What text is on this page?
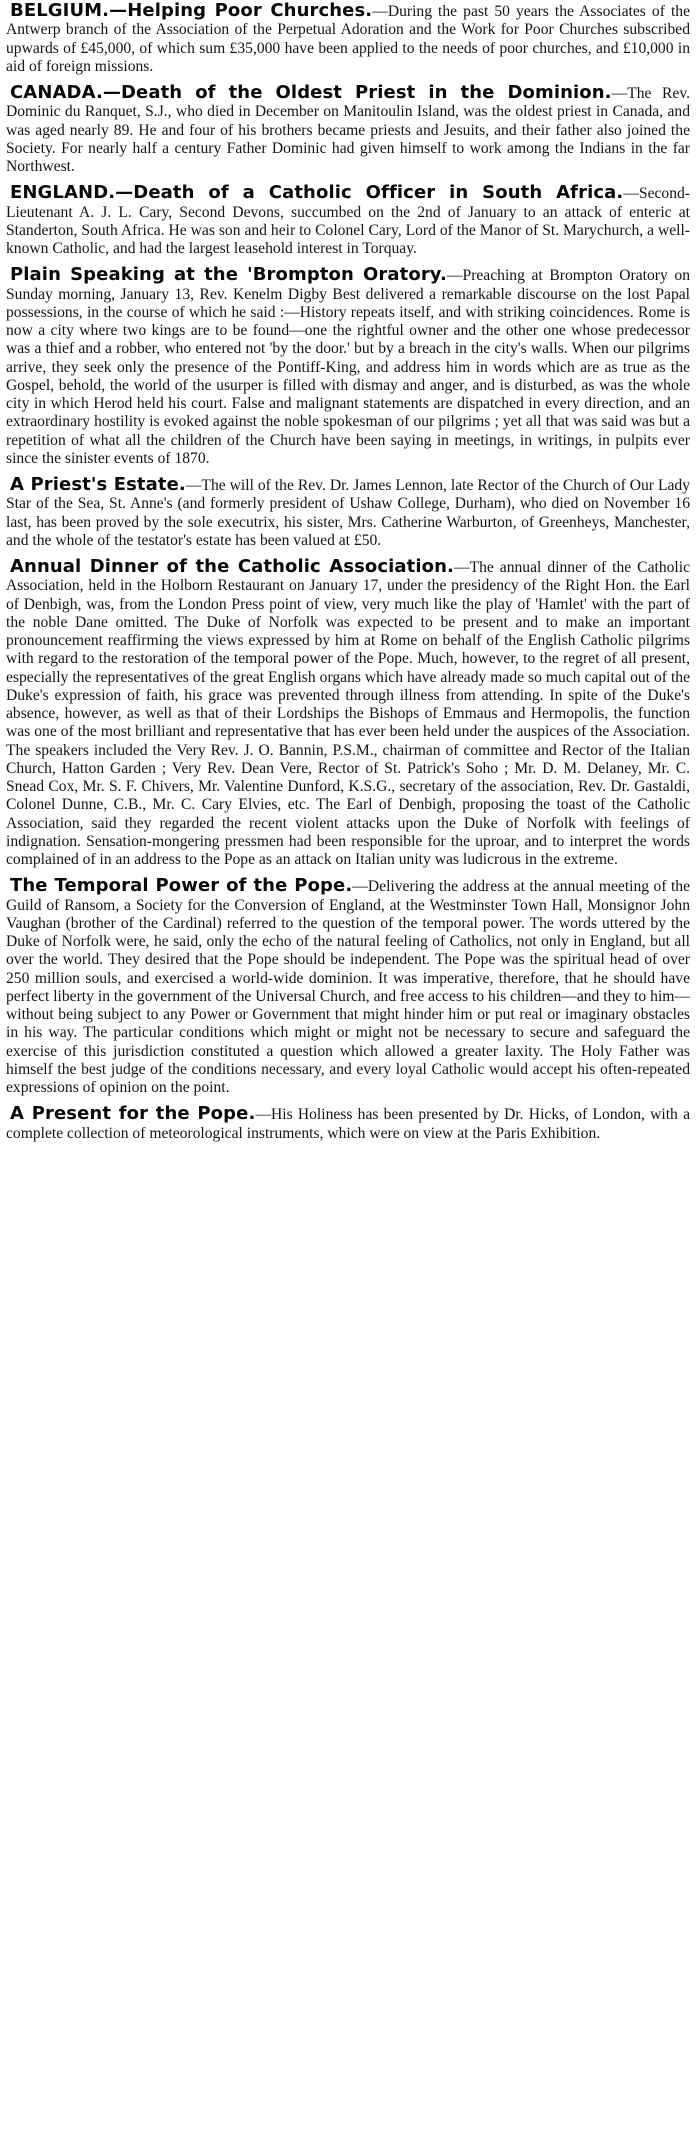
BELGIUM.—Helping Poor Churches.—During the past 50 years the Associates of the Antwerp branch of the Association of the Perpetual Adoration and the Work for Poor Churches subscribed upwards of £45,000, of which sum £35,000 have been applied to the needs of poor churches, and £10,000 in aid of foreign missions.

CANADA.—Death of the Oldest Priest in the Dominion.—The Rev. Dominic du Ranquet, S.J., who died in December on Manitoulin Island, was the oldest priest in Canada, and was aged nearly 89. He and four of his brothers became priests and Jesuits, and their father also joined the Society. For nearly half a century Father Dominic had given himself to work among the Indians in the far Northwest.

ENGLAND.—Death of a Catholic Officer in South Africa.—Second-Lieutenant A. J. L. Cary, Second Devons, succumbed on the 2nd of January to an attack of enteric at Standerton, South Africa. He was son and heir to Colonel Cary, Lord of the Manor of St. Marychurch, a well-known Catholic, and had the largest leasehold interest in Torquay.

Plain Speaking at the 'Brompton Oratory.—Preaching at Brompton Oratory on Sunday morning, January 13, Rev. Kenelm Digby Best delivered a remarkable discourse on the lost Papal possessions, in the course of which he said :—History repeats itself, and with striking coincidences. Rome is now a city where two kings are to be found—one the rightful owner and the other one whose predecessor was a thief and a robber, who entered not 'by the door.' but by a breach in the city's walls. When our pilgrims arrive, they seek only the presence of the Pontiff-King, and address him in words which are as true as the Gospel, behold, the world of the usurper is filled with dismay and anger, and is disturbed, as was the whole city in which Herod held his court. False and malignant statements are dispatched in every direction, and an extraordinary hostility is evoked against the noble spokesman of our pilgrims ; yet all that was said was but a repetition of what all the children of the Church have been saying in meetings, in writings, in pulpits ever since the sinister events of 1870.

A Priest's Estate.—The will of the Rev. Dr. James Lennon, late Rector of the Church of Our Lady Star of the Sea, St. Anne's (and formerly president of Ushaw College, Durham), who died on November 16 last, has been proved by the sole executrix, his sister, Mrs. Catherine Warburton, of Greenheys, Manchester, and the whole of the testator's estate has been valued at £50.

Annual Dinner of the Catholic Association.—The annual dinner of the Catholic Association, held in the Holborn Restaurant on January 17, under the presidency of the Right Hon. the Earl of Denbigh, was, from the London Press point of view, very much like the play of 'Hamlet' with the part of the noble Dane omitted. The Duke of Norfolk was expected to be present and to make an important pronouncement reaffirming the views expressed by him at Rome on behalf of the English Catholic pilgrims with regard to the restoration of the temporal power of the Pope. Much, however, to the regret of all present, especially the representatives of the great English organs which have already made so much capital out of the Duke's expression of faith, his grace was prevented through illness from attending. In spite of the Duke's absence, however, as well as that of their Lordships the Bishops of Emmaus and Hermopolis, the function was one of the most brilliant and representative that has ever been held under the auspices of the Association. The speakers included the Very Rev. J. O. Bannin, P.S.M., chairman of committee and Rector of the Italian Church, Hatton Garden ; Very Rev. Dean Vere, Rector of St. Patrick's Soho ; Mr. D. M. Delaney, Mr. C. Snead Cox, Mr. S. F. Chivers, Mr. Valentine Dunford, K.S.G., secretary of the association, Rev. Dr. Gastaldi, Colonel Dunne, C.B., Mr. C. Cary Elvies, etc. The Earl of Denbigh, proposing the toast of the Catholic Association, said they regarded the recent violent attacks upon the Duke of Norfolk with feelings of indignation. Sensation-mongering pressmen had been responsible for the uproar, and to interpret the words complained of in an address to the Pope as an attack on Italian unity was ludicrous in the extreme.

The Temporal Power of the Pope.—Delivering the address at the annual meeting of the Guild of Ransom, a Society for the Conversion of England, at the Westminster Town Hall, Monsignor John Vaughan (brother of the Cardinal) referred to the question of the temporal power. The words uttered by the Duke of Norfolk were, he said, only the echo of the natural feeling of Catholics, not only in England, but all over the world. They desired that the Pope should be independent. The Pope was the spiritual head of over 250 million souls, and exercised a world-wide dominion. It was imperative, therefore, that he should have perfect liberty in the government of the Universal Church, and free access to his children—and they to him—without being subject to any Power or Government that might hinder him or put real or imaginary obstacles in his way. The particular conditions which might or might not be necessary to secure and safeguard the exercise of this jurisdiction constituted a question which allowed a greater laxity. The Holy Father was himself the best judge of the conditions necessary, and every loyal Catholic would accept his often-repeated expressions of opinion on the point.

A Present for the Pope.—His Holiness has been presented by Dr. Hicks, of London, with a complete collection of meteorological instruments, which were on view at the Paris Exhibition.
